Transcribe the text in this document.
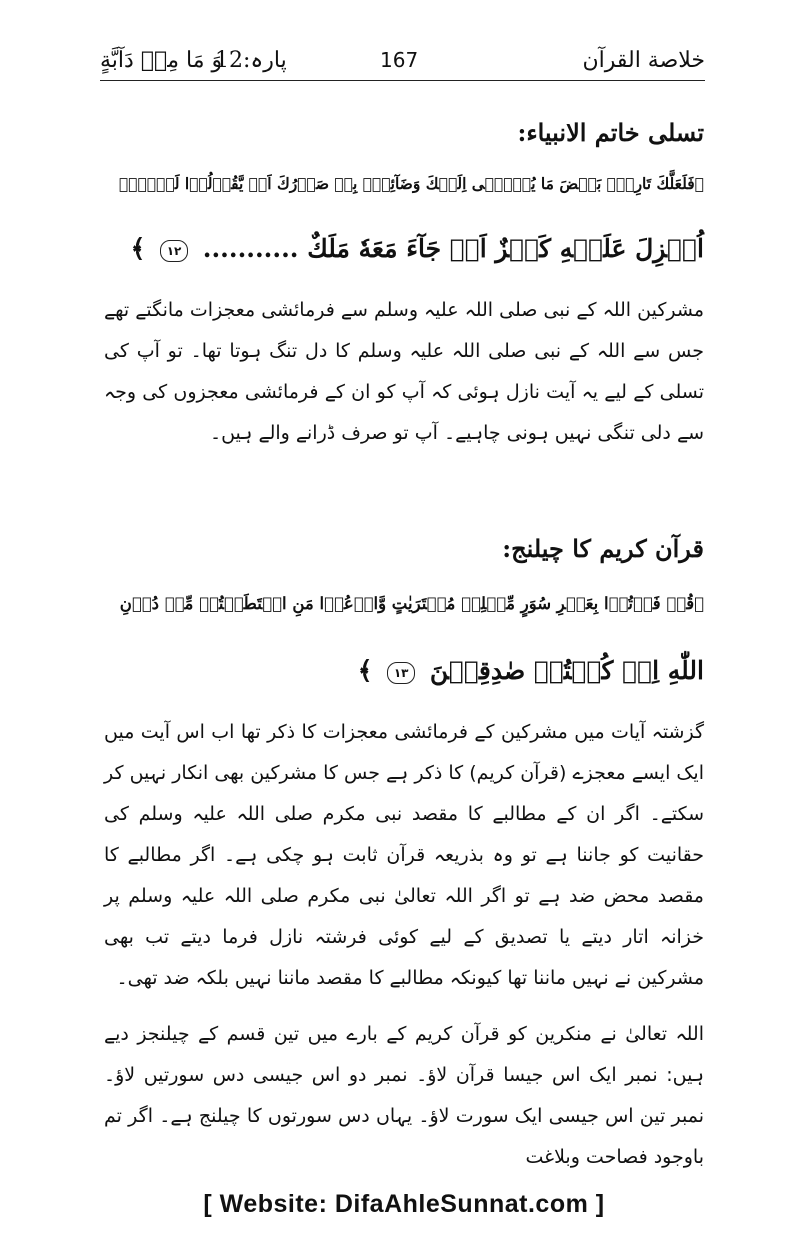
خلاصة القرآن
167
پارہ:12
وَ مَا مِنۡ دَآبَّةٍ
تسلی خاتم الانبیاء:
﴿فَلَعَلَّكَ تَارِكٌۢ بَعۡضَ مَا يُوۡحٰۤى اِلَيۡكَ وَضَآئِقٌۢ بِهٖ صَدۡرُكَ اَنۡ يَّقُوۡلُوۡا لَوۡلَاۤ
اُنۡزِلَ عَلَيۡهِ كَنۡزٌ اَوۡ جَآءَ مَعَهٗ مَلَكٌ ........... ١٢ ﴾
مشرکین اللہ کے نبی صلی اللہ علیہ وسلم سے فرمائشی معجزات مانگتے تھے جس سے اللہ کے نبی صلی اللہ علیہ وسلم کا دل تنگ ہوتا تھا۔ تو آپ کی تسلی کے لیے یہ آیت نازل ہوئی کہ آپ کو ان کے فرمائشی معجزوں کی وجہ سے دلی تنگی نہیں ہونی چاہیے۔ آپ تو صرف ڈرانے والے ہیں۔
قرآن کریم کا چیلنج:
﴿قُلۡ فَاۡتُوۡا بِعَشۡرِ سُوَرٍ مِّثۡلِهٖ مُفۡتَرَيٰتٍ وَّادۡعُوۡا مَنِ اسۡتَطَعۡتُمۡ مِّنۡ دُوۡنِ
اللّٰهِ اِنۡ كُنۡتُمۡ صٰدِقِيۡنَ ١٣ ﴾
گزشتہ آیات میں مشرکین کے فرمائشی معجزات کا ذکر تھا اب اس آیت میں ایک ایسے معجزے (قرآن کریم) کا ذکر ہے جس کا مشرکین بھی انکار نہیں کر سکتے۔ اگر ان کے مطالبے کا مقصد نبی مکرم صلی اللہ علیہ وسلم کی حقانیت کو جاننا ہے تو وہ بذریعہ قرآن ثابت ہو چکی ہے۔ اگر مطالبے کا مقصد محض ضد ہے تو اگر اللہ تعالیٰ نبی مکرم صلی اللہ علیہ وسلم پر خزانہ اتار دیتے یا تصدیق کے لیے کوئی فرشتہ نازل فرما دیتے تب بھی مشرکین نے نہیں ماننا تھا کیونکہ مطالبے کا مقصد ماننا نہیں بلکہ ضد تھی۔
اللہ تعالیٰ نے منکرین کو قرآن کریم کے بارے میں تین قسم کے چیلنجز دیے ہیں: نمبر ایک اس جیسا قرآن لاؤ۔ نمبر دو اس جیسی دس سورتیں لاؤ۔ نمبر تین اس جیسی ایک سورت لاؤ۔ یہاں دس سورتوں کا چیلنج ہے۔ اگر تم باوجود فصاحت وبلاغت
[ Website: DifaAhleSunnat.com ]
